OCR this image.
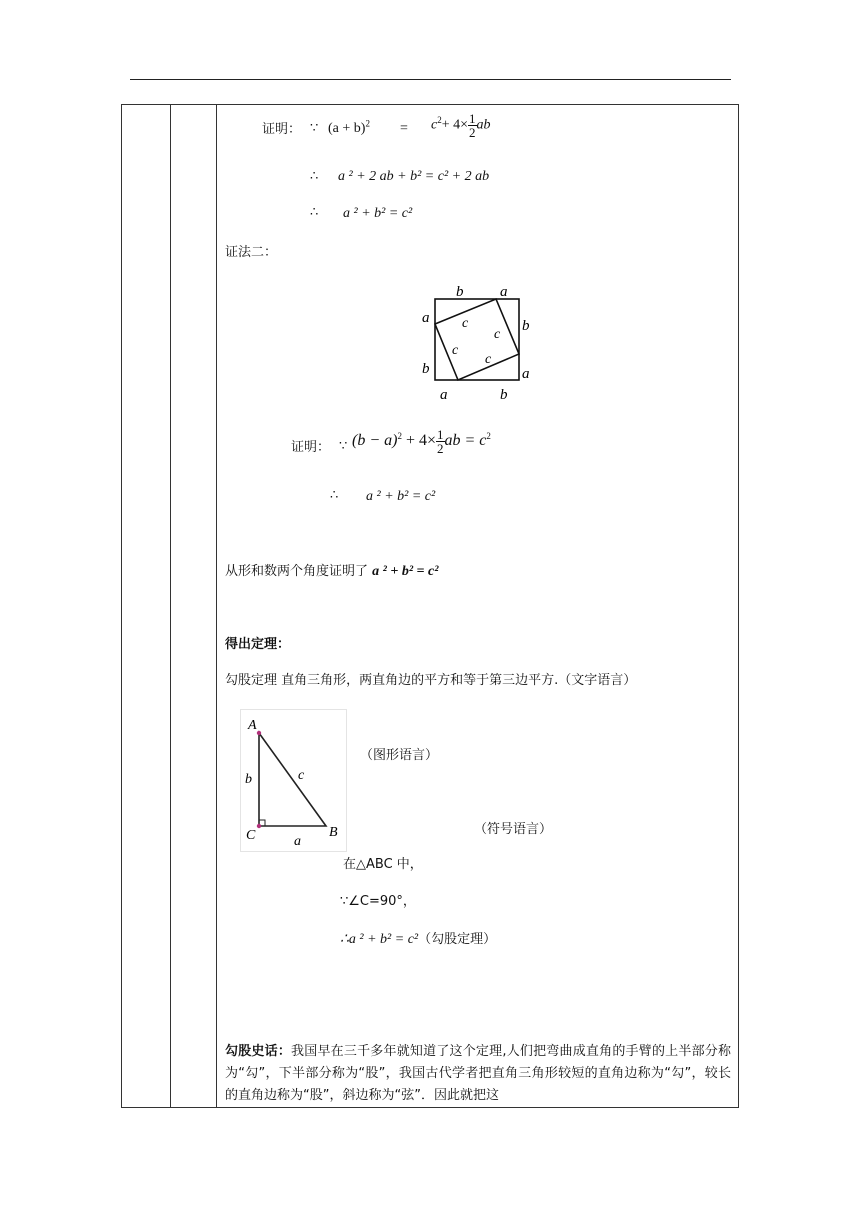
证明： ∵ $(a + b)^2 = c^2+ 4\times \frac{1}{2}$ ab
∴ a ² + 2 ab + b² = c² + 2 ab
∴ a ² + b² = c²
证法二：
b a
a
b
c
c
c
c
b
a
a	b
证明： ∵ $(b - a)^2 + 4\times \frac{1}{2}$ ab = $c^2$
∴ a ² + b² = c²
从形和数两个角度证明了 a ² + b² = c²
得出定理：
勾股定理 直角三角形，两直角边的平方和等于第三边平方.（文字语言）
A
C	B
b	c
a
（图形语言）
（符号语言）
在△ABC 中，
∵∠C=90°，
∴a ² + b² = c²（勾股定理）
勾股史话：我国早在三千多年就知道了这个定理,人们把弯曲成直角的手臂的上半部分称为“勾”，下半部分称为“股”，我国古代学者把直角三角形较短的直角边称为“勾”，较长的直角边称为“股”，斜边称为“弦”．因此就把这
